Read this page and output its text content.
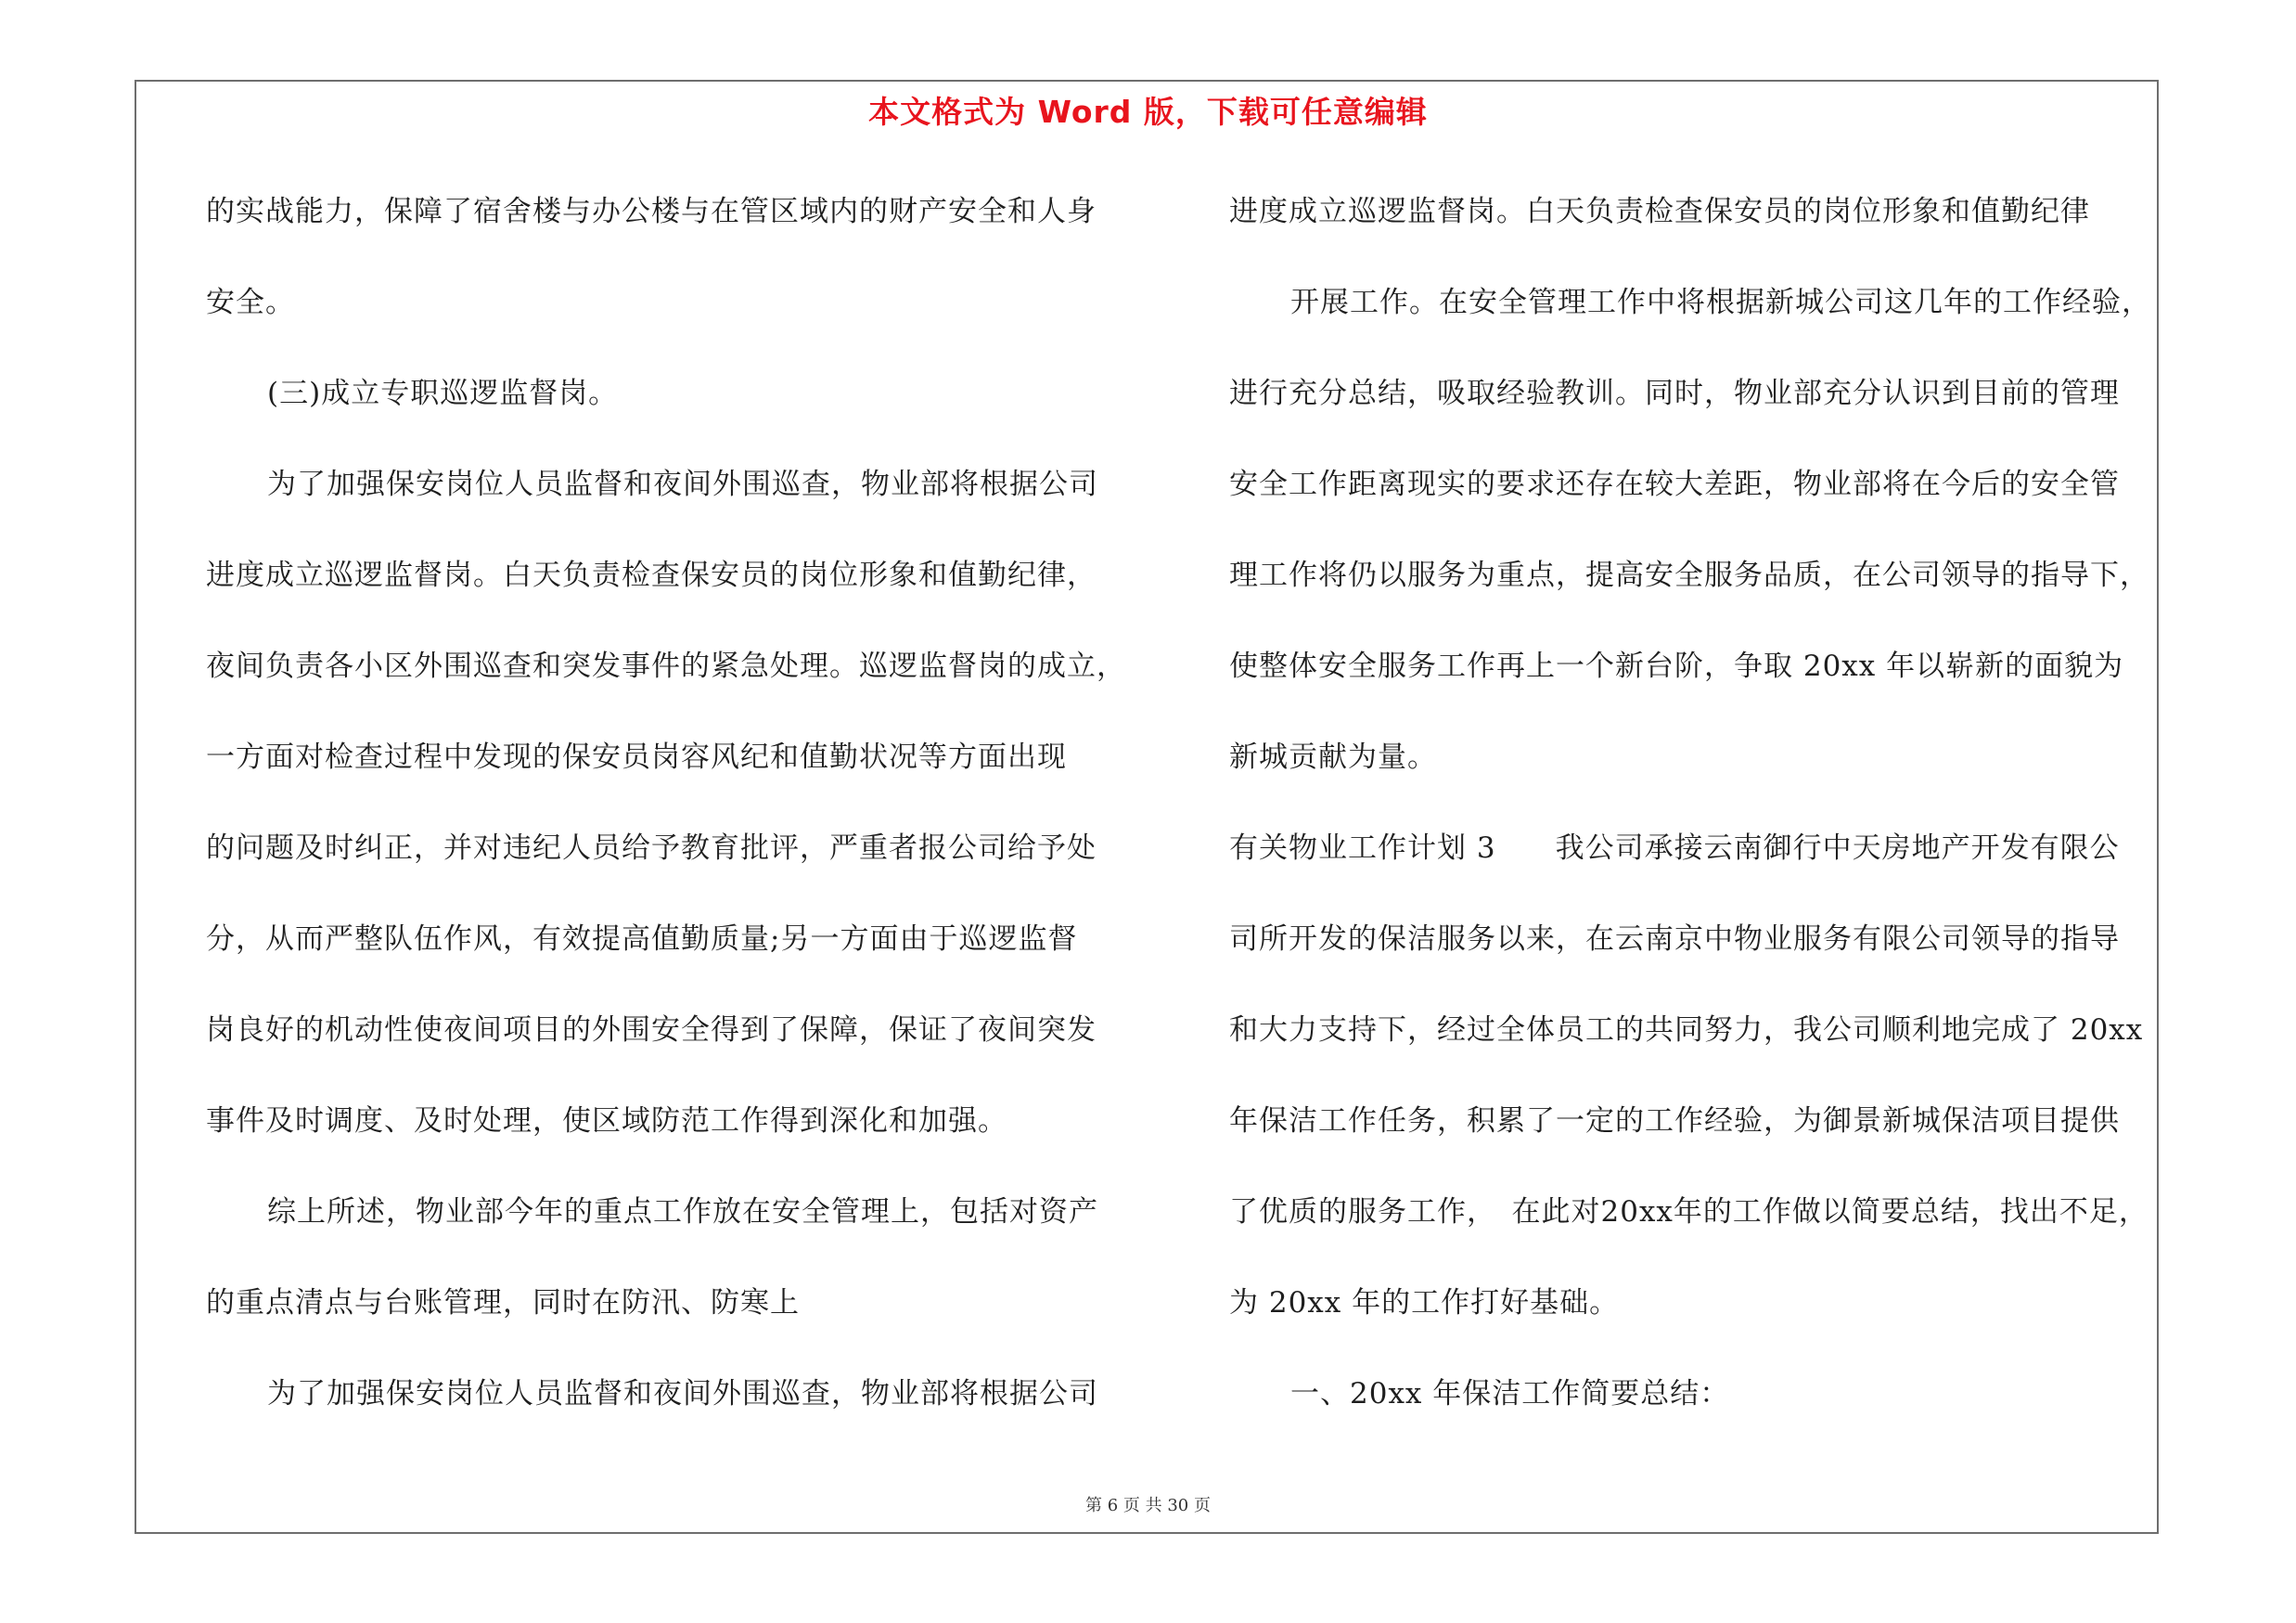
本文格式为 Word 版，下载可任意编辑
的实战能力，保障了宿舍楼与办公楼与在管区域内的财产安全和人身
安全。
(三)成立专职巡逻监督岗。
为了加强保安岗位人员监督和夜间外围巡查，物业部将根据公司
进度成立巡逻监督岗。白天负责检查保安员的岗位形象和值勤纪律，
夜间负责各小区外围巡查和突发事件的紧急处理。巡逻监督岗的成立，
一方面对检查过程中发现的保安员岗容风纪和值勤状况等方面出现
的问题及时纠正，并对违纪人员给予教育批评，严重者报公司给予处
分，从而严整队伍作风，有效提高值勤质量;另一方面由于巡逻监督
岗良好的机动性使夜间项目的外围安全得到了保障，保证了夜间突发
事件及时调度、及时处理，使区域防范工作得到深化和加强。
综上所述，物业部今年的重点工作放在安全管理上，包括对资产
的重点清点与台账管理，同时在防汛、防寒上
为了加强保安岗位人员监督和夜间外围巡查，物业部将根据公司
进度成立巡逻监督岗。白天负责检查保安员的岗位形象和值勤纪律
开展工作。在安全管理工作中将根据新城公司这几年的工作经验，
进行充分总结，吸取经验教训。同时，物业部充分认识到目前的管理
安全工作距离现实的要求还存在较大差距，物业部将在今后的安全管
理工作将仍以服务为重点，提高安全服务品质，在公司领导的指导下，
使整体安全服务工作再上一个新台阶，争取 20xx 年以崭新的面貌为
新城贡献为量。
有关物业工作计划 3　　我公司承接云南御行中天房地产开发有限公
司所开发的保洁服务以来，在云南京中物业服务有限公司领导的指导
和大力支持下，经过全体员工的共同努力，我公司顺利地完成了 20xx
年保洁工作任务，积累了一定的工作经验，为御景新城保洁项目提供
了优质的服务工作，　在此对20xx年的工作做以简要总结，找出不足，
为 20xx 年的工作打好基础。
一、20xx 年保洁工作简要总结：
第 6 页 共 30 页
